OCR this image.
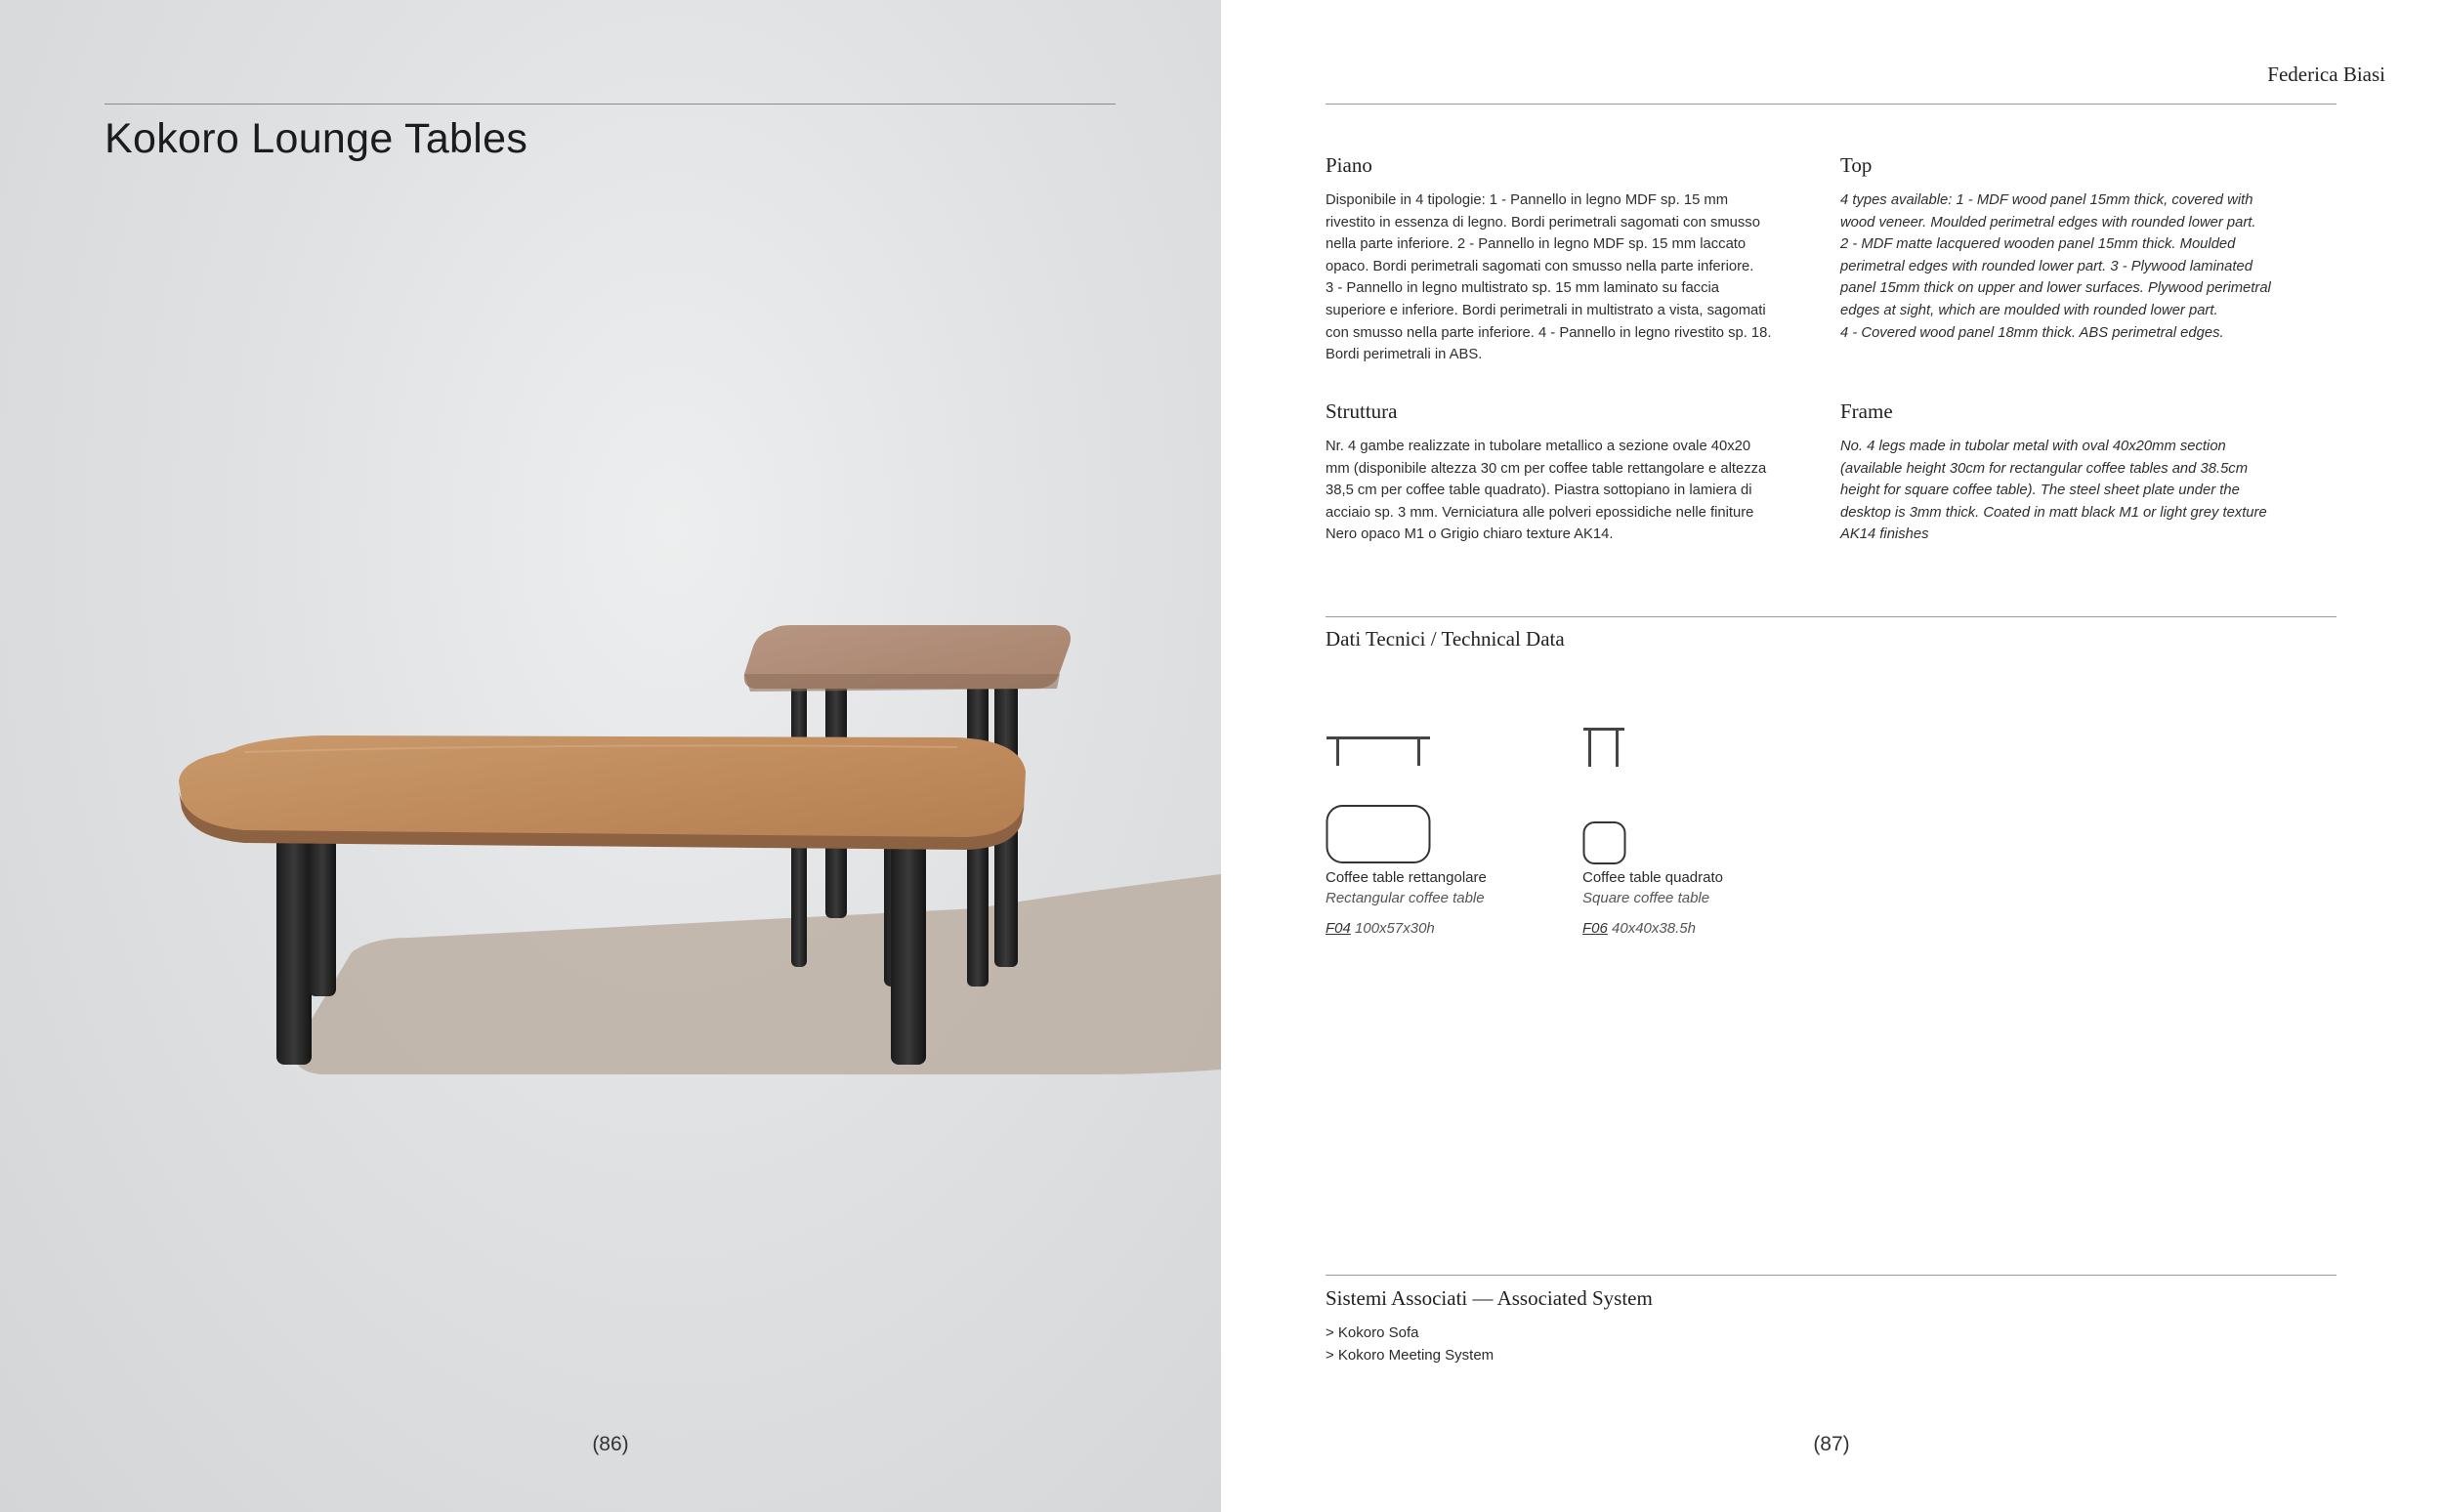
Kokoro Lounge Tables
(86)
Federica Biasi
Piano
Disponibile in 4 tipologie: 1 - Pannello in legno MDF sp. 15 mm
rivestito in essenza di legno. Bordi perimetrali sagomati con smusso
nella parte inferiore. 2 - Pannello in legno MDF sp. 15 mm laccato
opaco. Bordi perimetrali sagomati con smusso nella parte inferiore.
3 - Pannello in legno multistrato sp. 15 mm laminato su faccia
superiore e inferiore. Bordi perimetrali in multistrato a vista, sagomati
con smusso nella parte inferiore. 4 - Pannello in legno rivestito sp. 18.
Bordi perimetrali in ABS.
Top
4 types available: 1 - MDF wood panel 15mm thick, covered with
wood veneer. Moulded perimetral edges with rounded lower part.
2 - MDF matte lacquered wooden panel 15mm thick. Moulded
perimetral edges with rounded lower part. 3 - Plywood laminated
panel 15mm thick on upper and lower surfaces. Plywood perimetral
edges at sight, which are moulded with rounded lower part.
4 - Covered wood panel 18mm thick. ABS perimetral edges.
Struttura
Nr. 4 gambe realizzate in tubolare metallico a sezione ovale 40x20
mm (disponibile altezza 30 cm per coffee table rettangolare e altezza
38,5 cm per coffee table quadrato). Piastra sottopiano in lamiera di
acciaio sp. 3 mm. Verniciatura alle polveri epossidiche nelle finiture
Nero opaco M1 o Grigio chiaro texture AK14.
Frame
No. 4 legs made in tubolar metal with oval 40x20mm section
(available height 30cm for rectangular coffee tables and 38.5cm
height for square coffee table). The steel sheet plate under the
desktop is 3mm thick. Coated in matt black M1 or light grey texture
AK14 finishes
Dati Tecnici / Technical Data
Coffee table rettangolare
Rectangular coffee table
F04 100x57x30h
Coffee table quadrato
Square coffee table
F06 40x40x38.5h
Sistemi Associati — Associated System
> Kokoro Sofa
> Kokoro Meeting System
(87)
